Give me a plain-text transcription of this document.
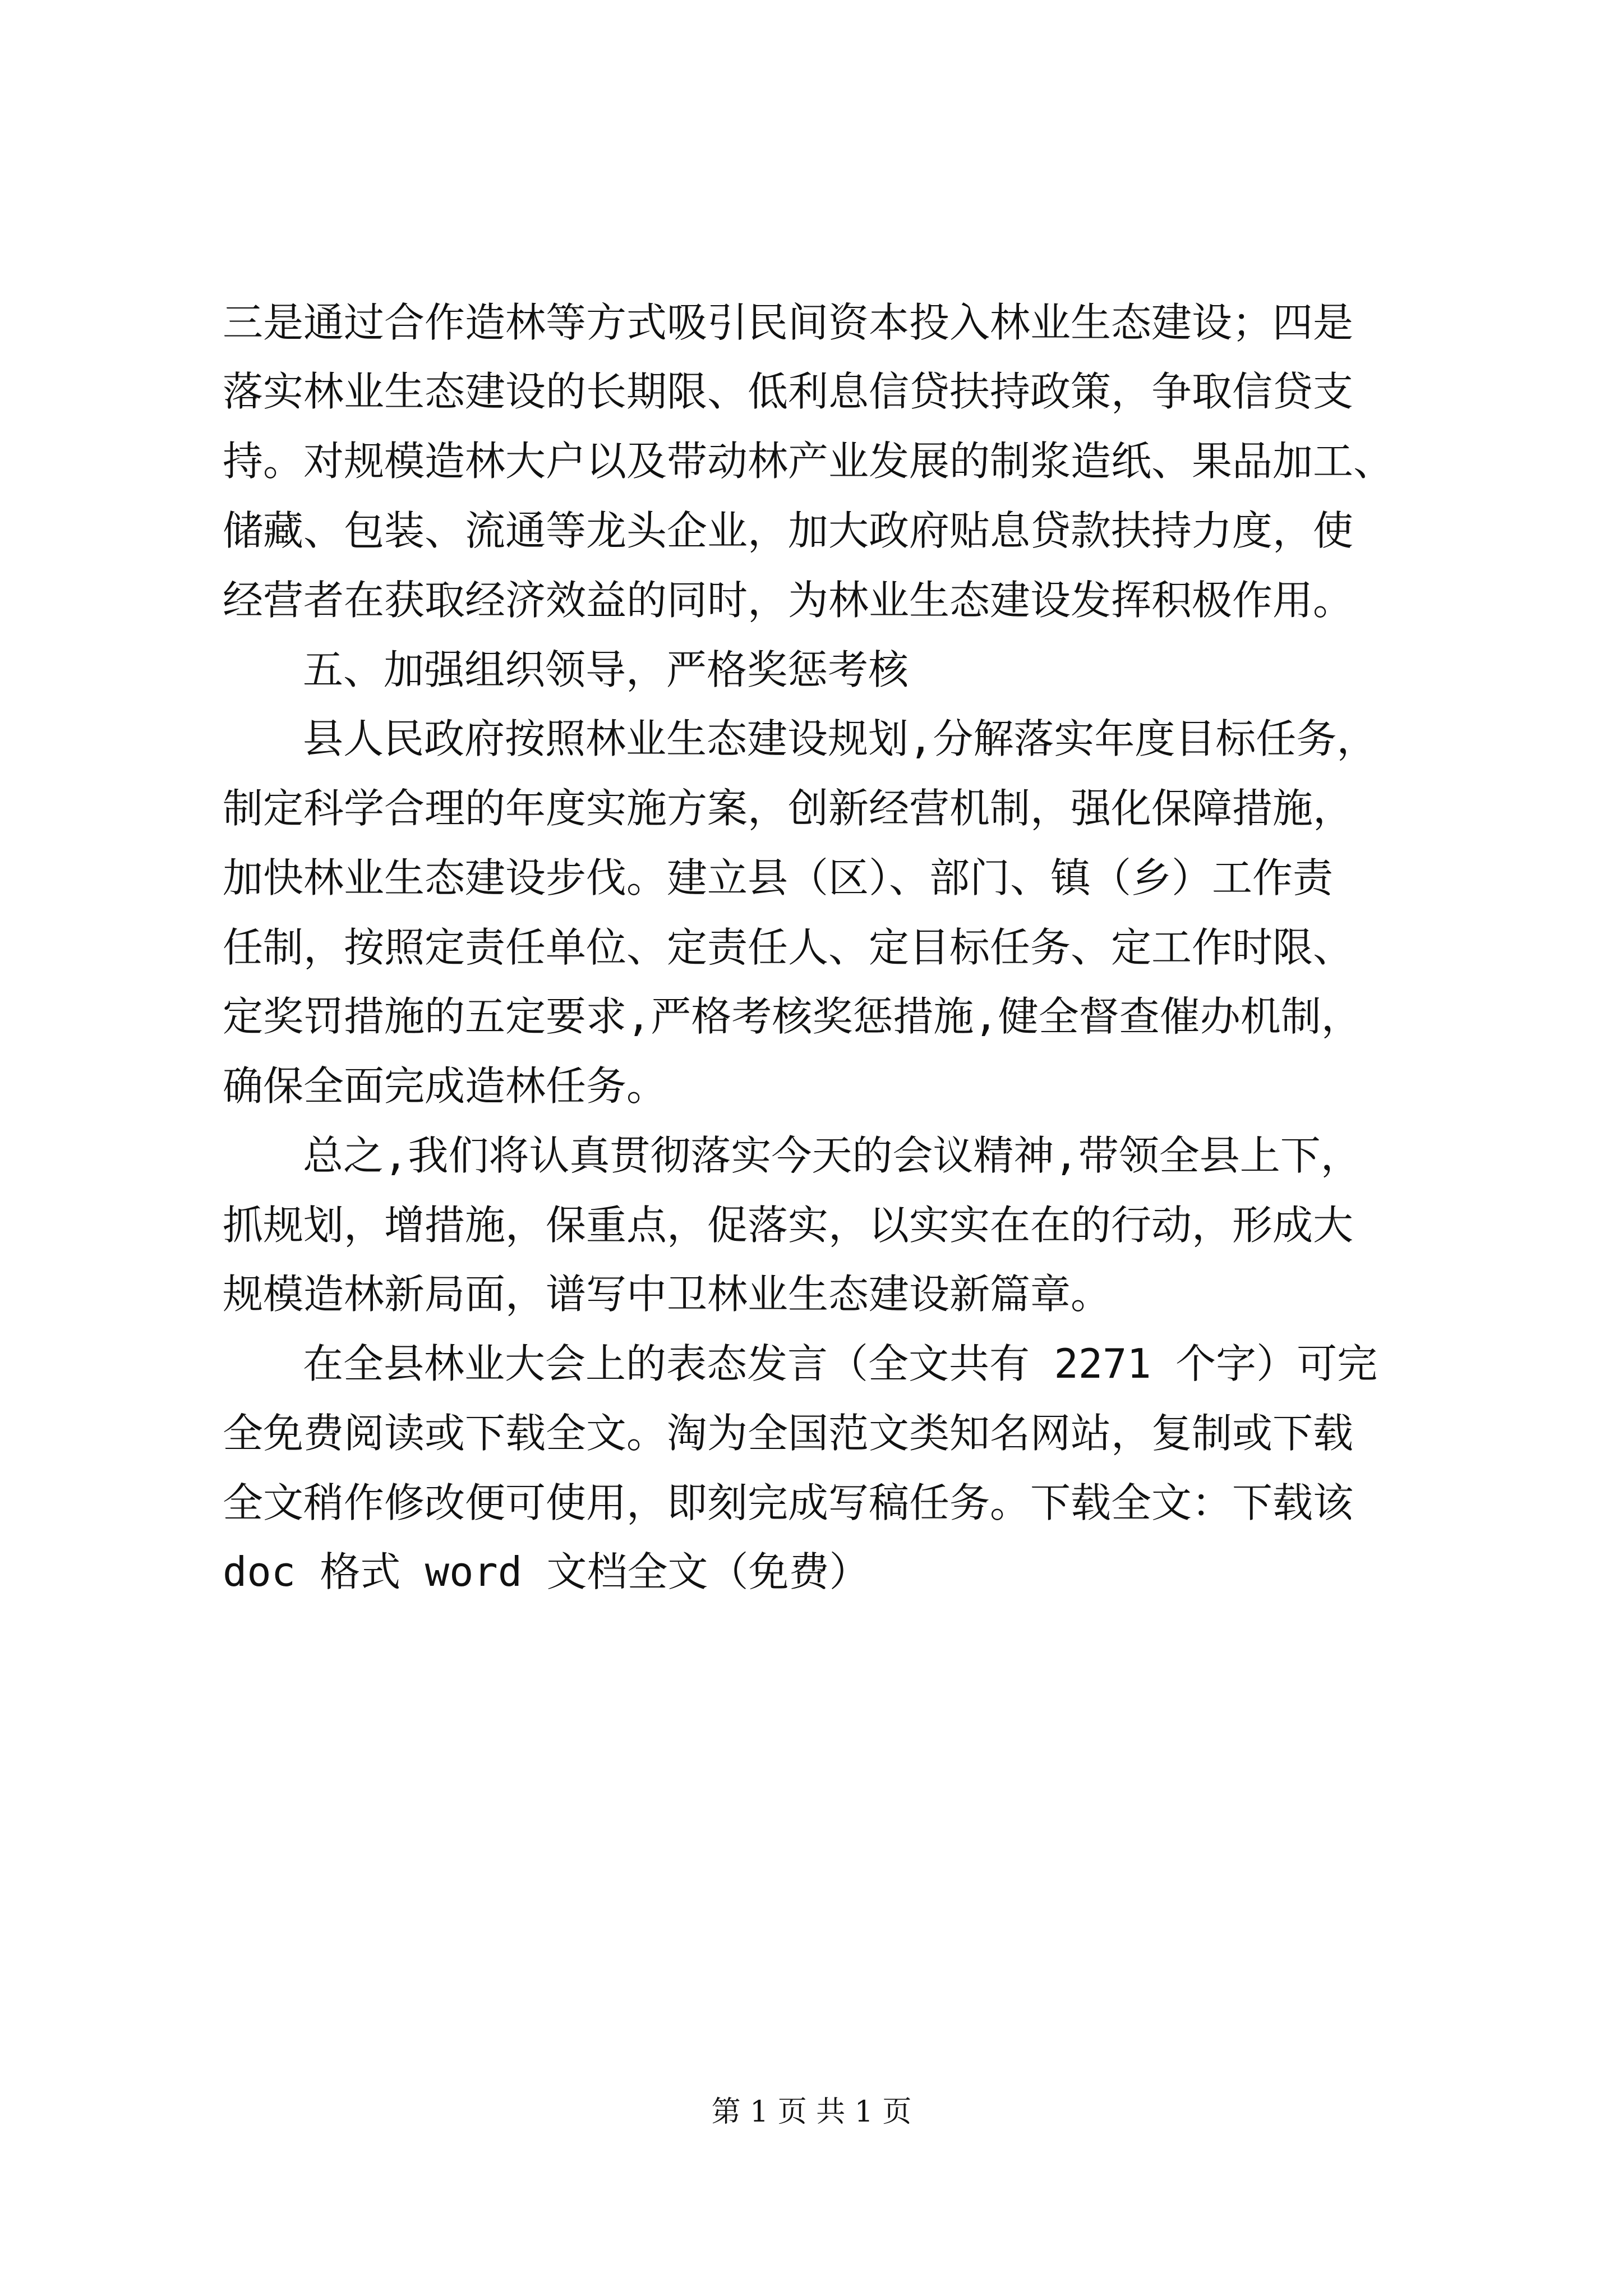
三是通过合作造林等方式吸引民间资本投入林业生态建设；四是
落实林业生态建设的长期限、低利息信贷扶持政策，争取信贷支
持。对规模造林大户以及带动林产业发展的制浆造纸、果品加工、
储藏、包装、流通等龙头企业，加大政府贴息贷款扶持力度，使
经营者在获取经济效益的同时，为林业生态建设发挥积极作用。
五、加强组织领导，严格奖惩考核
县人民政府按照林业生态建设规划,分解落实年度目标任务，
制定科学合理的年度实施方案，创新经营机制，强化保障措施，
加快林业生态建设步伐。建立县（区）、部门、镇（乡）工作责
任制，按照定责任单位、定责任人、定目标任务、定工作时限、
定奖罚措施的五定要求,严格考核奖惩措施,健全督查催办机制，
确保全面完成造林任务。
总之,我们将认真贯彻落实今天的会议精神,带领全县上下，
抓规划，增措施，保重点，促落实，以实实在在的行动，形成大
规模造林新局面，谱写中卫林业生态建设新篇章。
在全县林业大会上的表态发言（全文共有 2271 个字）可完
全免费阅读或下载全文。淘为全国范文类知名网站，复制或下载
全文稍作修改便可使用，即刻完成写稿任务。下载全文：下载该
doc 格式 word 文档全文（免费）
第 1 页 共 1 页
